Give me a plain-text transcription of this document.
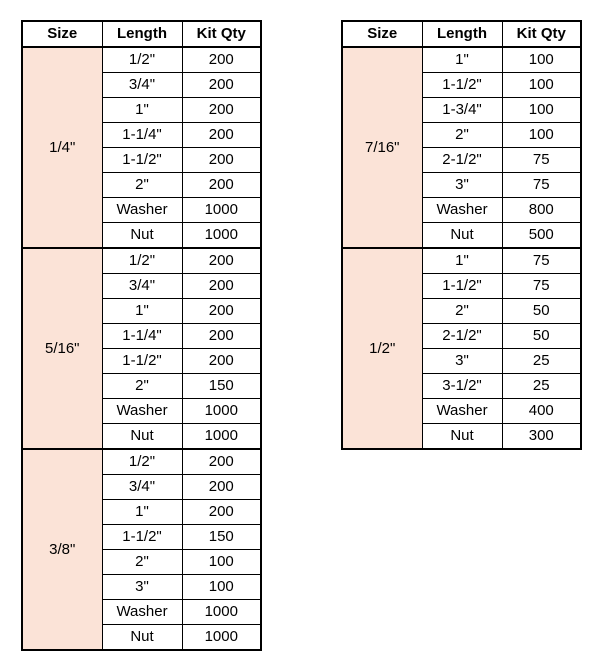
Size	Length	Kit Qty
1/4"	1/2"	200
	3/4"	200
	1"	200
	1-1/4"	200
	1-1/2"	200
	2"	200
	Washer	1000
	Nut	1000
5/16"	1/2"	200
	3/4"	200
	1"	200
	1-1/4"	200
	1-1/2"	200
	2"	150
	Washer	1000
	Nut	1000
3/8"	1/2"	200
	3/4"	200
	1"	200
	1-1/2"	150
	2"	100
	3"	100
	Washer	1000
	Nut	1000
Size	Length	Kit Qty
7/16"	1"	100
	1-1/2"	100
	1-3/4"	100
	2"	100
	2-1/2"	75
	3"	75
	Washer	800
	Nut	500
1/2"	1"	75
	1-1/2"	75
	2"	50
	2-1/2"	50
	3"	25
	3-1/2"	25
	Washer	400
	Nut	300
